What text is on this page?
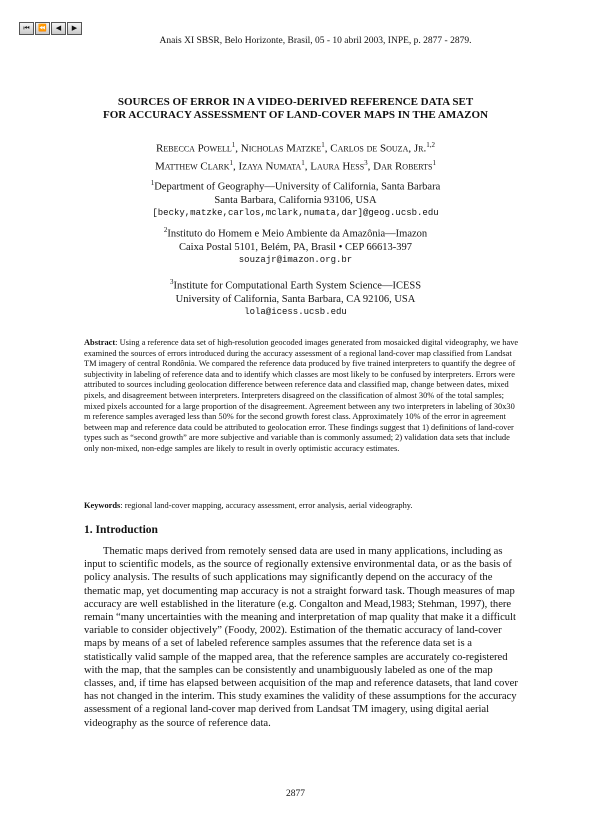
⏮	⏪	◀	▶
Anais XI SBSR, Belo Horizonte, Brasil, 05 - 10 abril 2003, INPE, p. 2877 - 2879.
SOURCES OF ERROR IN A VIDEO-DERIVED REFERENCE DATA SET
FOR ACCURACY ASSESSMENT OF LAND-COVER MAPS IN THE AMAZON
Rebecca Powell$^1$, Nicholas Matzke$^1$, Carlos de Souza, Jr.$^{1,2}$
Matthew Clark$^1$, Izaya Numata$^1$, Laura Hess$^3$, Dar Roberts$^1$
$^1$Department of Geography—University of California, Santa Barbara
Santa Barbara, California 93106, USA
[becky,matzke,carlos,mclark,numata,dar]@geog.ucsb.edu
$^2$Instituto do Homem e Meio Ambiente da Amazônia—Imazon
Caixa Postal 5101, Belém, PA, Brasil • CEP 66613-397
souzajr@imazon.org.br
$^3$Institute for Computational Earth System Science—ICESS
University of California, Santa Barbara, CA 92106, USA
lola@icess.ucsb.edu
Abstract: Using a reference data set of high-resolution geocoded images generated from mosaicked digital videography, we have examined the sources of errors introduced during the accuracy assessment of a regional land-cover map classified from Landsat TM imagery of central Rondônia. We compared the reference data produced by five trained interpreters to quantify the degree of subjectivity in labeling of reference data and to identify which classes are most likely to be confused by interpreters. Errors were attributed to sources including geolocation difference between reference data and classified map, change between dates, mixed pixels, and disagreement between interpreters. Interpreters disagreed on the classification of almost 30% of the total samples; mixed pixels accounted for a large proportion of the disagreement. Agreement between any two interpreters in labeling of 30x30 m reference samples averaged less than 50% for the second growth forest class. Approximately 10% of the error in agreement between map and reference data could be attributed to geolocation error. These findings suggest that 1) definitions of land-cover types such as “second growth” are more subjective and variable than is commonly assumed; 2) validation data sets that include only non-mixed, non-edge samples are likely to result in overly optimistic accuracy estimates.
Keywords: regional land-cover mapping, accuracy assessment, error analysis, aerial videography.
1. Introduction
Thematic maps derived from remotely sensed data are used in many applications, including as input to scientific models, as the source of regionally extensive environmental data, or as the basis of policy analysis. The results of such applications may significantly depend on the accuracy of the thematic map, yet documenting map accuracy is not a straight forward task. Though measures of map accuracy are well established in the literature (e.g. Congalton and Mead,1983; Stehman, 1997), there remain “many uncertainties with the meaning and interpretation of map quality that make it a difficult variable to consider objectively” (Foody, 2002). Estimation of the thematic accuracy of land-cover maps by means of a set of labeled reference samples assumes that the reference data set is a statistically valid sample of the mapped area, that the reference samples are accurately co-registered with the map, that the samples can be consistently and unambiguously labeled as one of the map classes, and, if time has elapsed between acquisition of the map and reference datasets, that land cover has not changed in the interim. This study examines the validity of these assumptions for the accuracy assessment of a regional land-cover map derived from Landsat TM imagery, using digital aerial videography as the source of reference data.
2877
